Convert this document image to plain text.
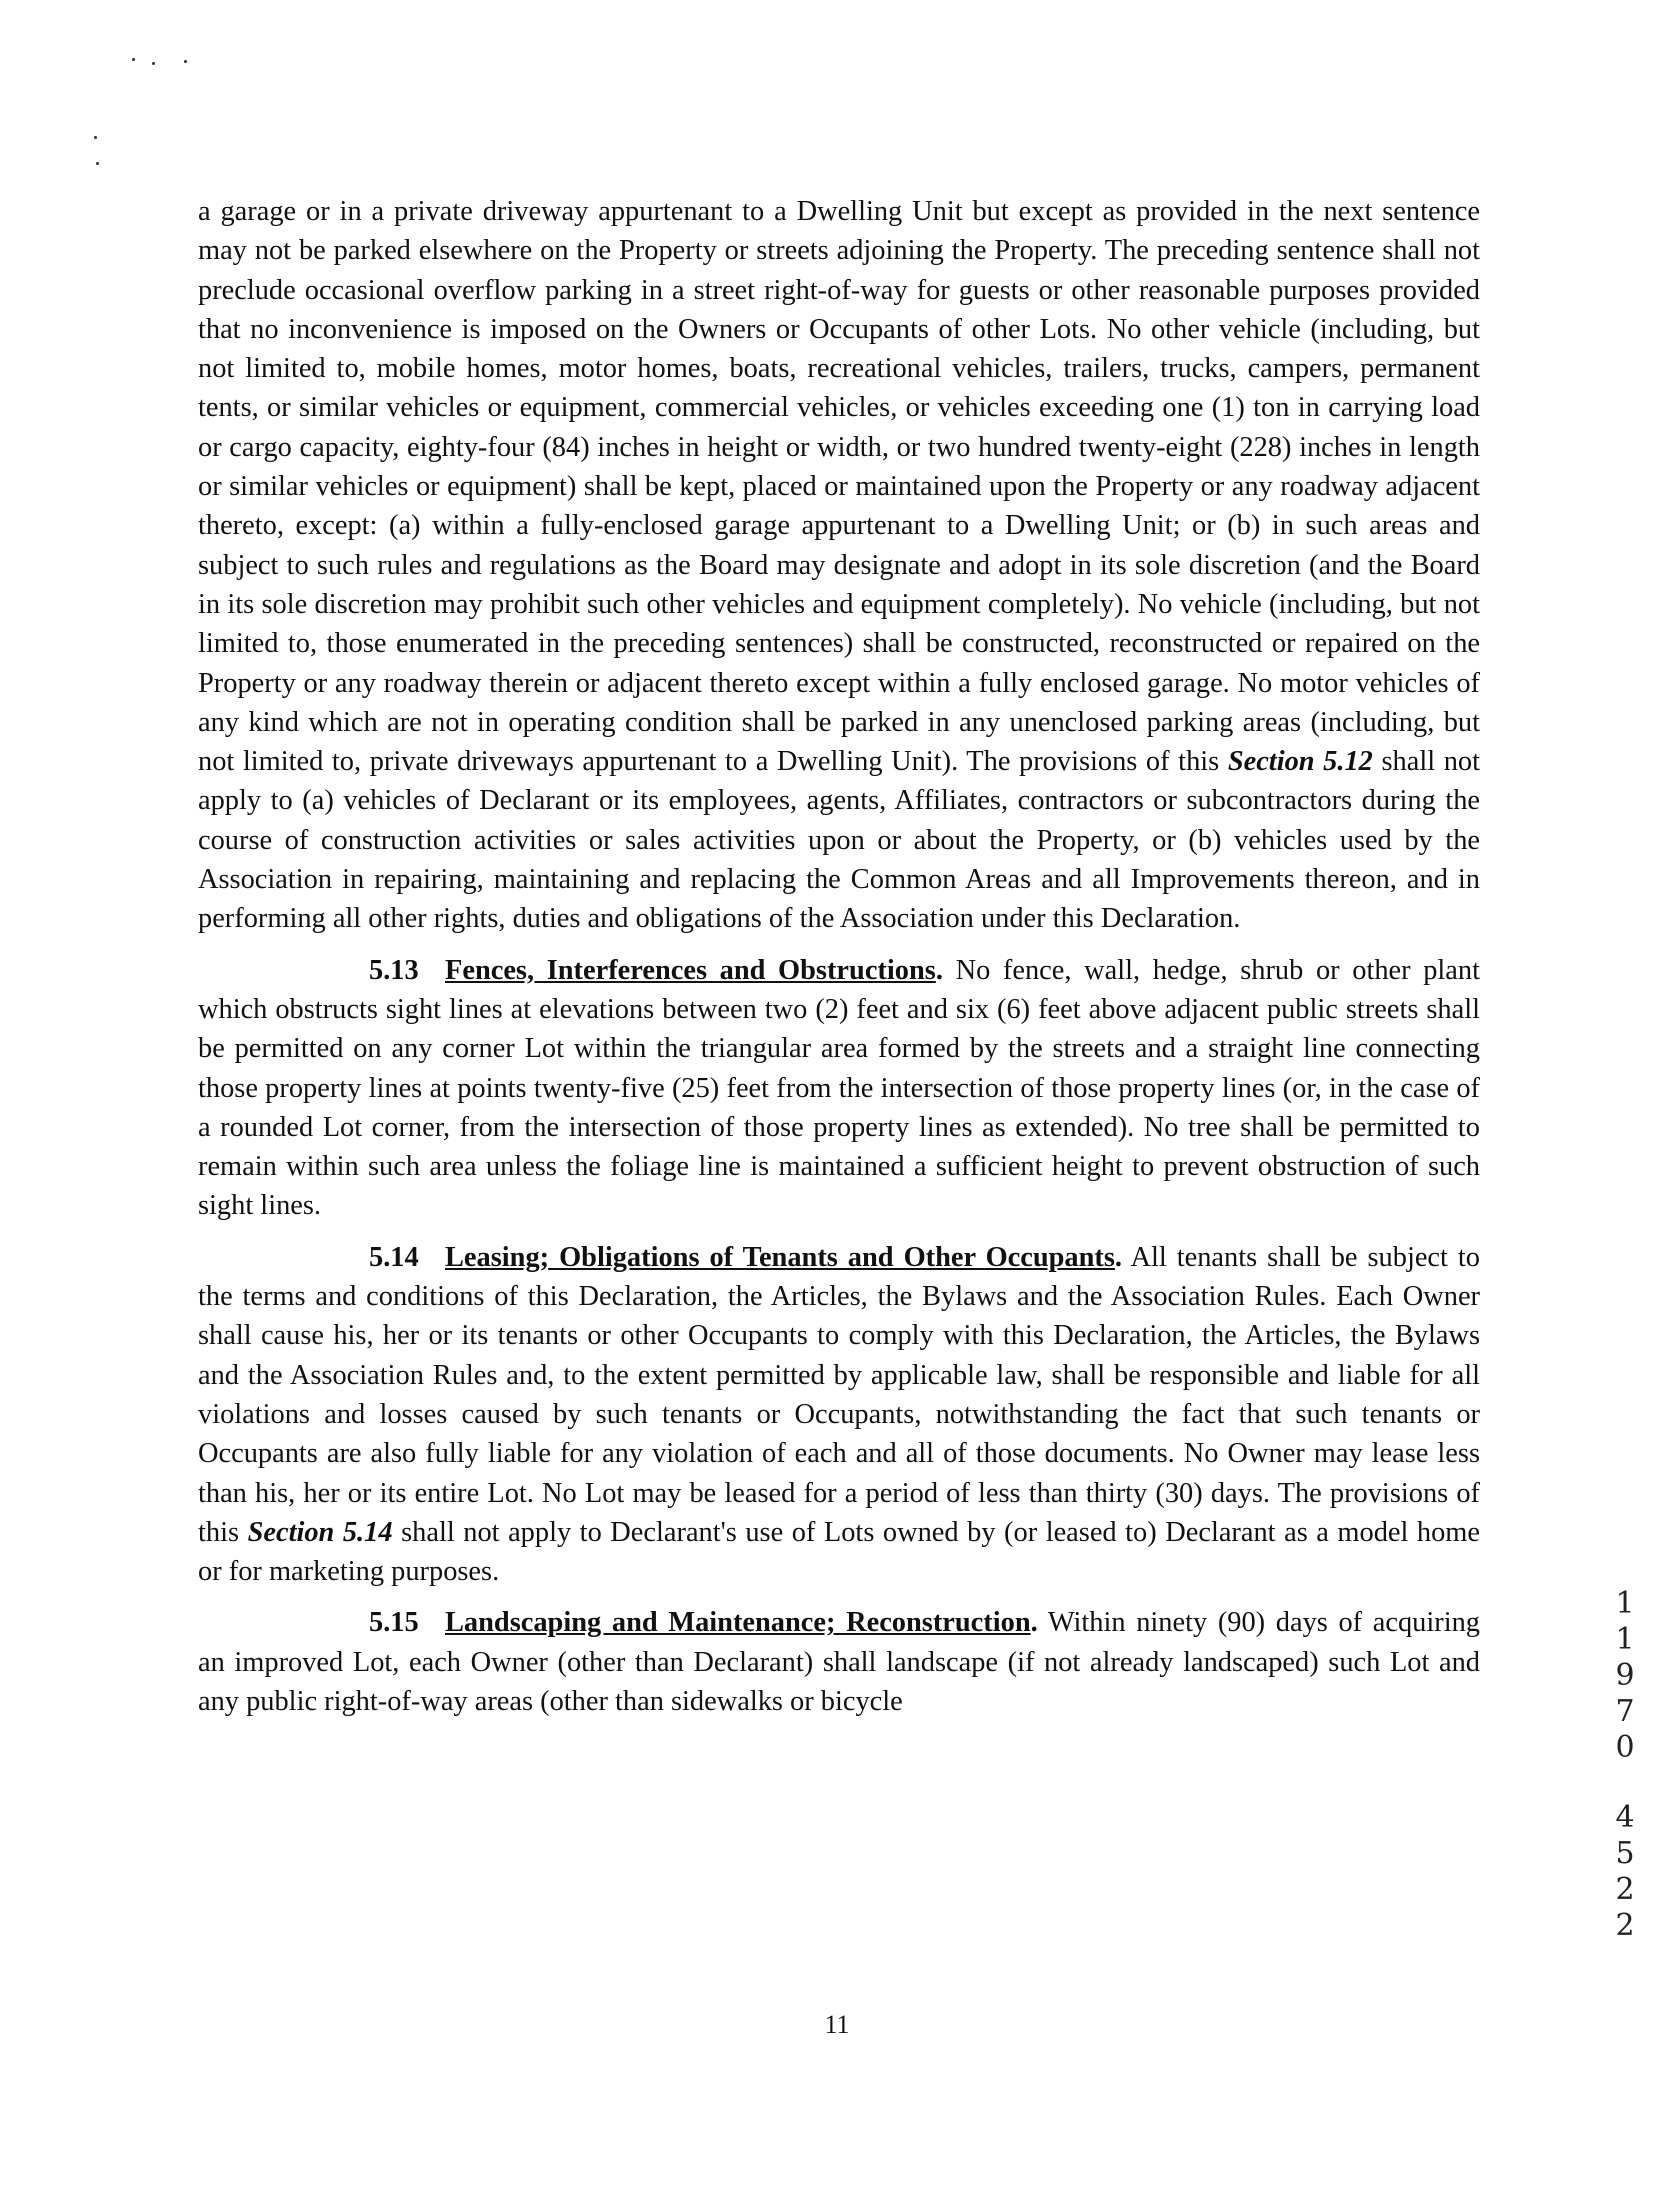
a garage or in a private driveway appurtenant to a Dwelling Unit but except as provided in the next sentence may not be parked elsewhere on the Property or streets adjoining the Property. The preceding sentence shall not preclude occasional overflow parking in a street right-of-way for guests or other reasonable purposes provided that no inconvenience is imposed on the Owners or Occupants of other Lots. No other vehicle (including, but not limited to, mobile homes, motor homes, boats, recreational vehicles, trailers, trucks, campers, permanent tents, or similar vehicles or equipment, commercial vehicles, or vehicles exceeding one (1) ton in carrying load or cargo capacity, eighty-four (84) inches in height or width, or two hundred twenty-eight (228) inches in length or similar vehicles or equipment) shall be kept, placed or maintained upon the Property or any roadway adjacent thereto, except: (a) within a fully-enclosed garage appurtenant to a Dwelling Unit; or (b) in such areas and subject to such rules and regulations as the Board may designate and adopt in its sole discretion (and the Board in its sole discretion may prohibit such other vehicles and equipment completely). No vehicle (including, but not limited to, those enumerated in the preceding sentences) shall be constructed, reconstructed or repaired on the Property or any roadway therein or adjacent thereto except within a fully enclosed garage. No motor vehicles of any kind which are not in operating condition shall be parked in any unenclosed parking areas (including, but not limited to, private driveways appurtenant to a Dwelling Unit). The provisions of this Section 5.12 shall not apply to (a) vehicles of Declarant or its employees, agents, Affiliates, contractors or subcontractors during the course of construction activities or sales activities upon or about the Property, or (b) vehicles used by the Association in repairing, maintaining and replacing the Common Areas and all Improvements thereon, and in performing all other rights, duties and obligations of the Association under this Declaration.

5.13 Fences, Interferences and Obstructions. No fence, wall, hedge, shrub or other plant which obstructs sight lines at elevations between two (2) feet and six (6) feet above adjacent public streets shall be permitted on any corner Lot within the triangular area formed by the streets and a straight line connecting those property lines at points twenty-five (25) feet from the intersection of those property lines (or, in the case of a rounded Lot corner, from the intersection of those property lines as extended). No tree shall be permitted to remain within such area unless the foliage line is maintained a sufficient height to prevent obstruction of such sight lines.

5.14 Leasing; Obligations of Tenants and Other Occupants. All tenants shall be subject to the terms and conditions of this Declaration, the Articles, the Bylaws and the Association Rules. Each Owner shall cause his, her or its tenants or other Occupants to comply with this Declaration, the Articles, the Bylaws and the Association Rules and, to the extent permitted by applicable law, shall be responsible and liable for all violations and losses caused by such tenants or Occupants, notwithstanding the fact that such tenants or Occupants are also fully liable for any violation of each and all of those documents. No Owner may lease less than his, her or its entire Lot. No Lot may be leased for a period of less than thirty (30) days. The provisions of this Section 5.14 shall not apply to Declarant's use of Lots owned by (or leased to) Declarant as a model home or for marketing purposes.

5.15 Landscaping and Maintenance; Reconstruction. Within ninety (90) days of acquiring an improved Lot, each Owner (other than Declarant) shall landscape (if not already landscaped) such Lot and any public right-of-way areas (other than sidewalks or bicycle

11
1
1
9
7
0
4
5
2
2
